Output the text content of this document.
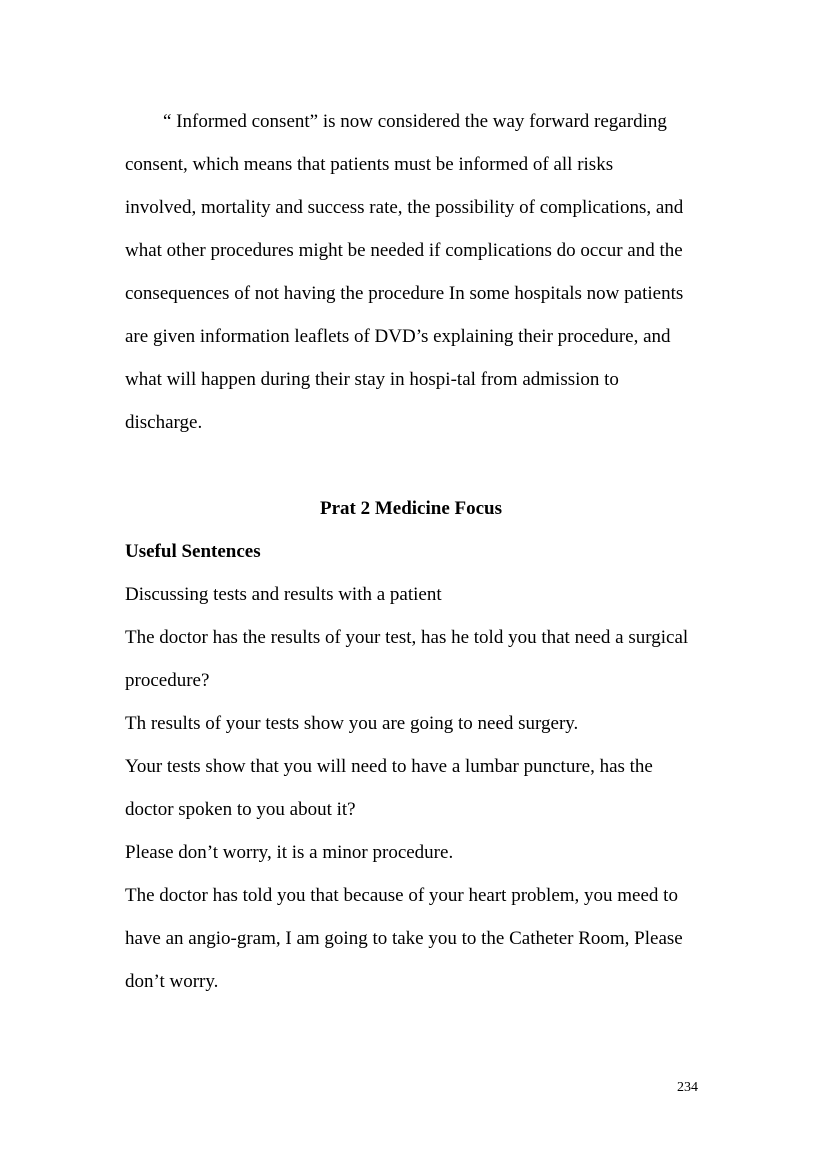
“ Informed consent” is now considered the way forward regarding
consent, which means that patients must be informed of all risks
involved, mortality and success rate, the possibility of complications, and
what other procedures might be needed if complications do occur and the
consequences of not having the procedure In some hospitals now patients
are given information leaflets of DVD’s explaining their procedure, and
what will happen during their stay in hospi-tal from admission to
discharge.
Prat 2 Medicine Focus
Useful Sentences
Discussing tests and results with a patient
The doctor has the results of your test, has he told you that need a surgical
procedure?
Th results of your tests show you are going to need surgery.
Your tests show that you will need to have a lumbar puncture, has the
doctor spoken to you about it?
Please don’t worry, it is a minor procedure.
The doctor has told you that because of your heart problem, you meed to
have an angio-gram, I am going to take you to the Catheter Room, Please
don’t worry.
234
